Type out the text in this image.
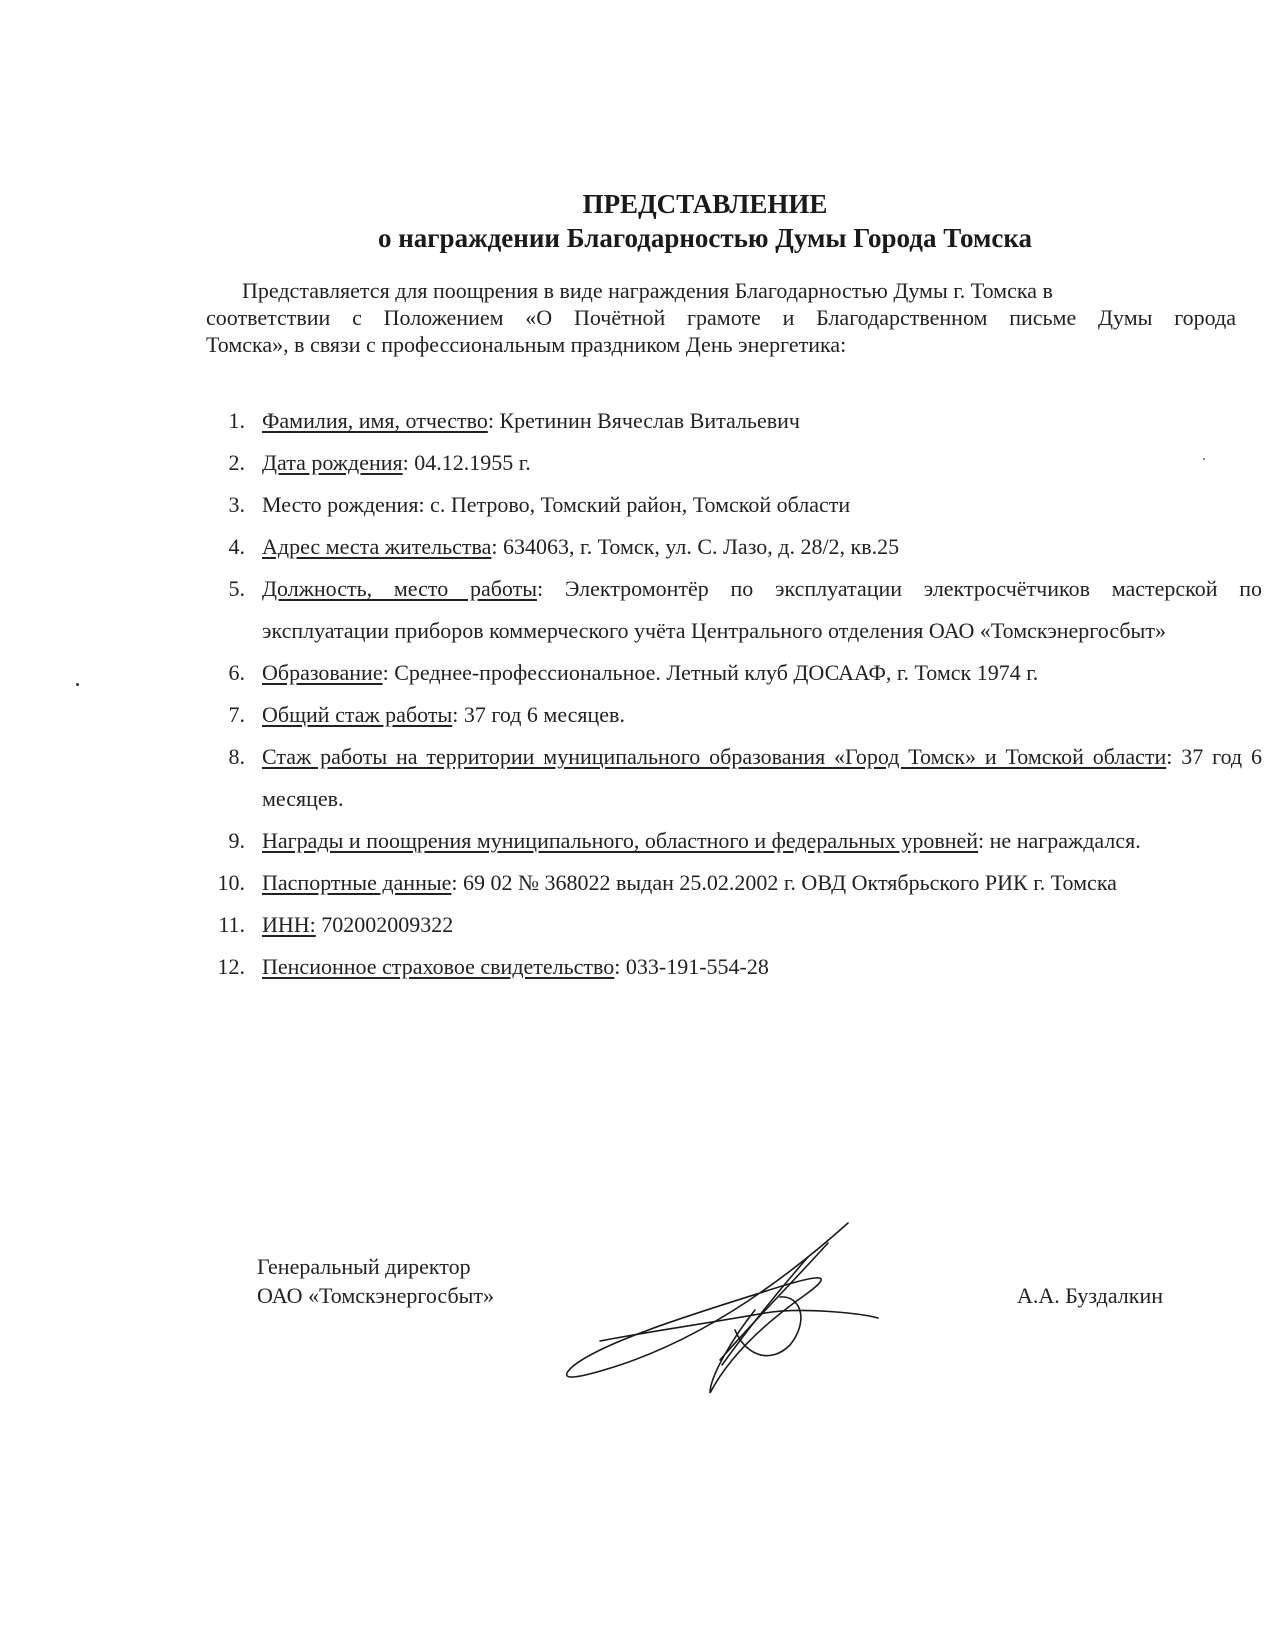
ПРЕДСТАВЛЕНИЕ
о награждении Благодарностью Думы Города Томска
Представляется для поощрения в виде награждения Благодарностью Думы г. Томска в
соответствии с Положением «О Почётной грамоте и Благодарственном письме Думы города
Томска», в связи с профессиональным праздником День энергетика:
1. Фамилия, имя, отчество: Кретинин Вячеслав Витальевич
2. Дата рождения: 04.12.1955 г.
3. Место рождения: с. Петрово, Томский район, Томской области
4. Адрес места жительства: 634063, г. Томск, ул. С. Лазо, д. 28/2, кв.25
5. Должность, место работы: Электромонтёр по эксплуатации электросчётчиков мастерской по эксплуатации приборов коммерческого учёта Центрального отделения ОАО «Томскэнергосбыт»
6. Образование: Среднее-профессиональное. Летный клуб ДОСААФ, г. Томск 1974 г.
7. Общий стаж работы: 37 год 6 месяцев.
8. Стаж работы на территории муниципального образования «Город Томск» и Томской области: 37 год 6 месяцев.
9. Награды и поощрения муниципального, областного и федеральных уровней: не награждался.
10. Паспортные данные: 69 02 № 368022 выдан 25.02.2002 г. ОВД Октябрьского РИК г. Томска
11. ИНН: 702002009322
12. Пенсионное страховое свидетельство: 033-191-554-28
Генеральный директор
ОАО «Томскэнергосбыт»	А.А. Буздалкин
